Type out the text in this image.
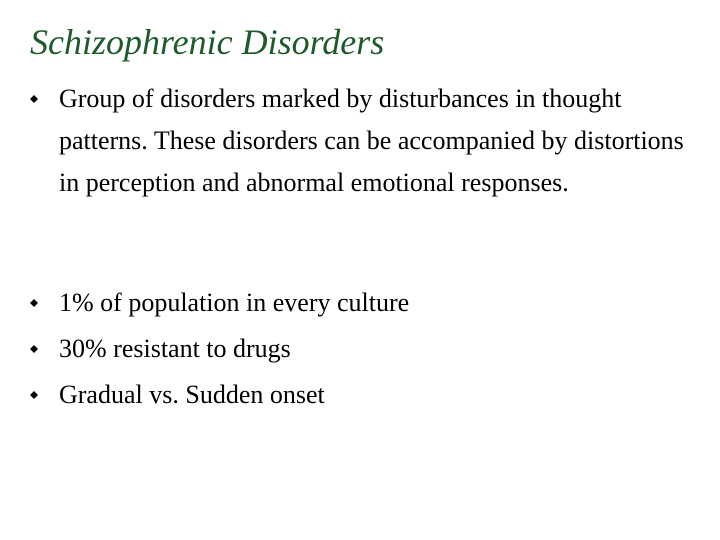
Schizophrenic Disorders
Group of disorders marked by disturbances in thought patterns. These disorders can be accompanied by distortions in perception and abnormal emotional responses.
1% of population in every culture
30% resistant to drugs
Gradual vs. Sudden onset
